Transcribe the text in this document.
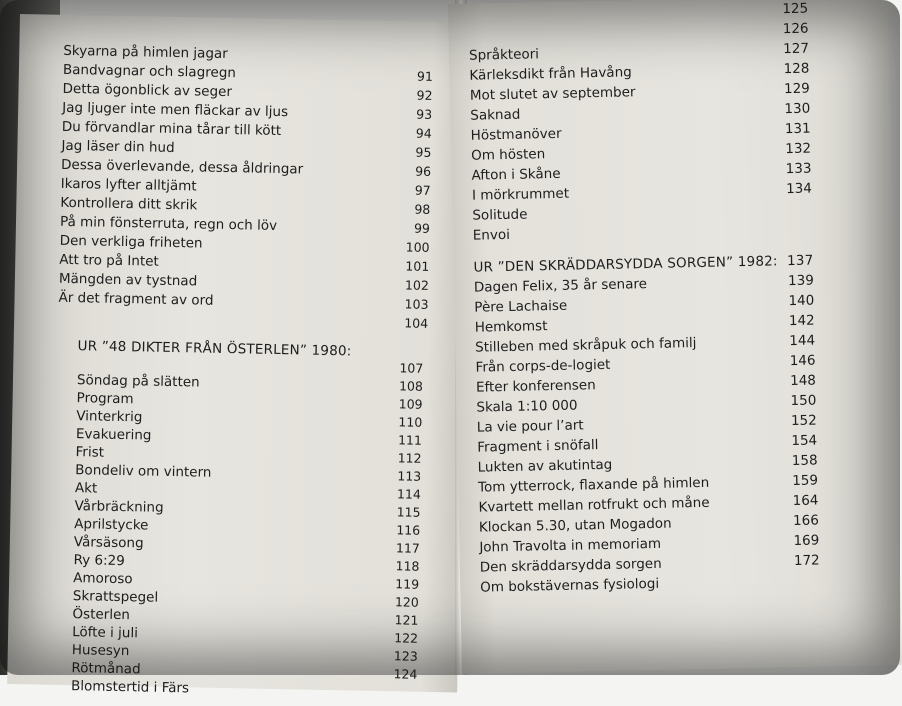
Skyarna på himlen jagar
Bandvagnar och slagregn	91
Detta ögonblick av seger	92
Jag ljuger inte men fläckar av ljus	93
Du förvandlar mina tårar till kött	94
Jag läser din hud	95
Dessa överlevande, dessa åldringar	96
Ikaros lyfter alltjämt	97
Kontrollera ditt skrik	98
På min fönsterruta, regn och löv	99
Den verkliga friheten	100
Att tro på Intet	101
Mängden av tystnad	102
Är det fragment av ord	103
104
UR ”48 DIKTER FRÅN ÖSTERLEN” 1980:
107
Söndag på slätten	108
Program	109
Vinterkrig	110
Evakuering	111
Frist	112
Bondeliv om vintern	113
Akt	114
Vårbräckning	115
Aprilstycke	116
Vårsäsong	117
Ry 6:29	118
Amoroso	119
Skrattspegel	120
Österlen	121
Löfte i juli	122
Husesyn	123
Rötmånad	124
Blomstertid i Färs
125
126
Språkteori	127
Kärleksdikt från Havång	128
Mot slutet av september	129
Saknad	130
Höstmanöver	131
Om hösten	132
Afton i Skåne	133
I mörkrummet	134
Solitude
Envoi
UR ”DEN SKRÄDDARSYDDA SORGEN” 1982: 137
Dagen Felix, 35 år senare	139
Père Lachaise	140
Hemkomst	142
Stilleben med skråpuk och familj	144
Från corps-de-logiet	146
Efter konferensen	148
Skala 1:10 000	150
La vie pour l’art	152
Fragment i snöfall	154
Lukten av akutintag	158
Tom ytterrock, flaxande på himlen	159
Kvartett mellan rotfrukt och måne	164
Klockan 5.30, utan Mogadon	166
John Travolta in memoriam	169
Den skräddarsydda sorgen	172
Om bokstävernas fysiologi
